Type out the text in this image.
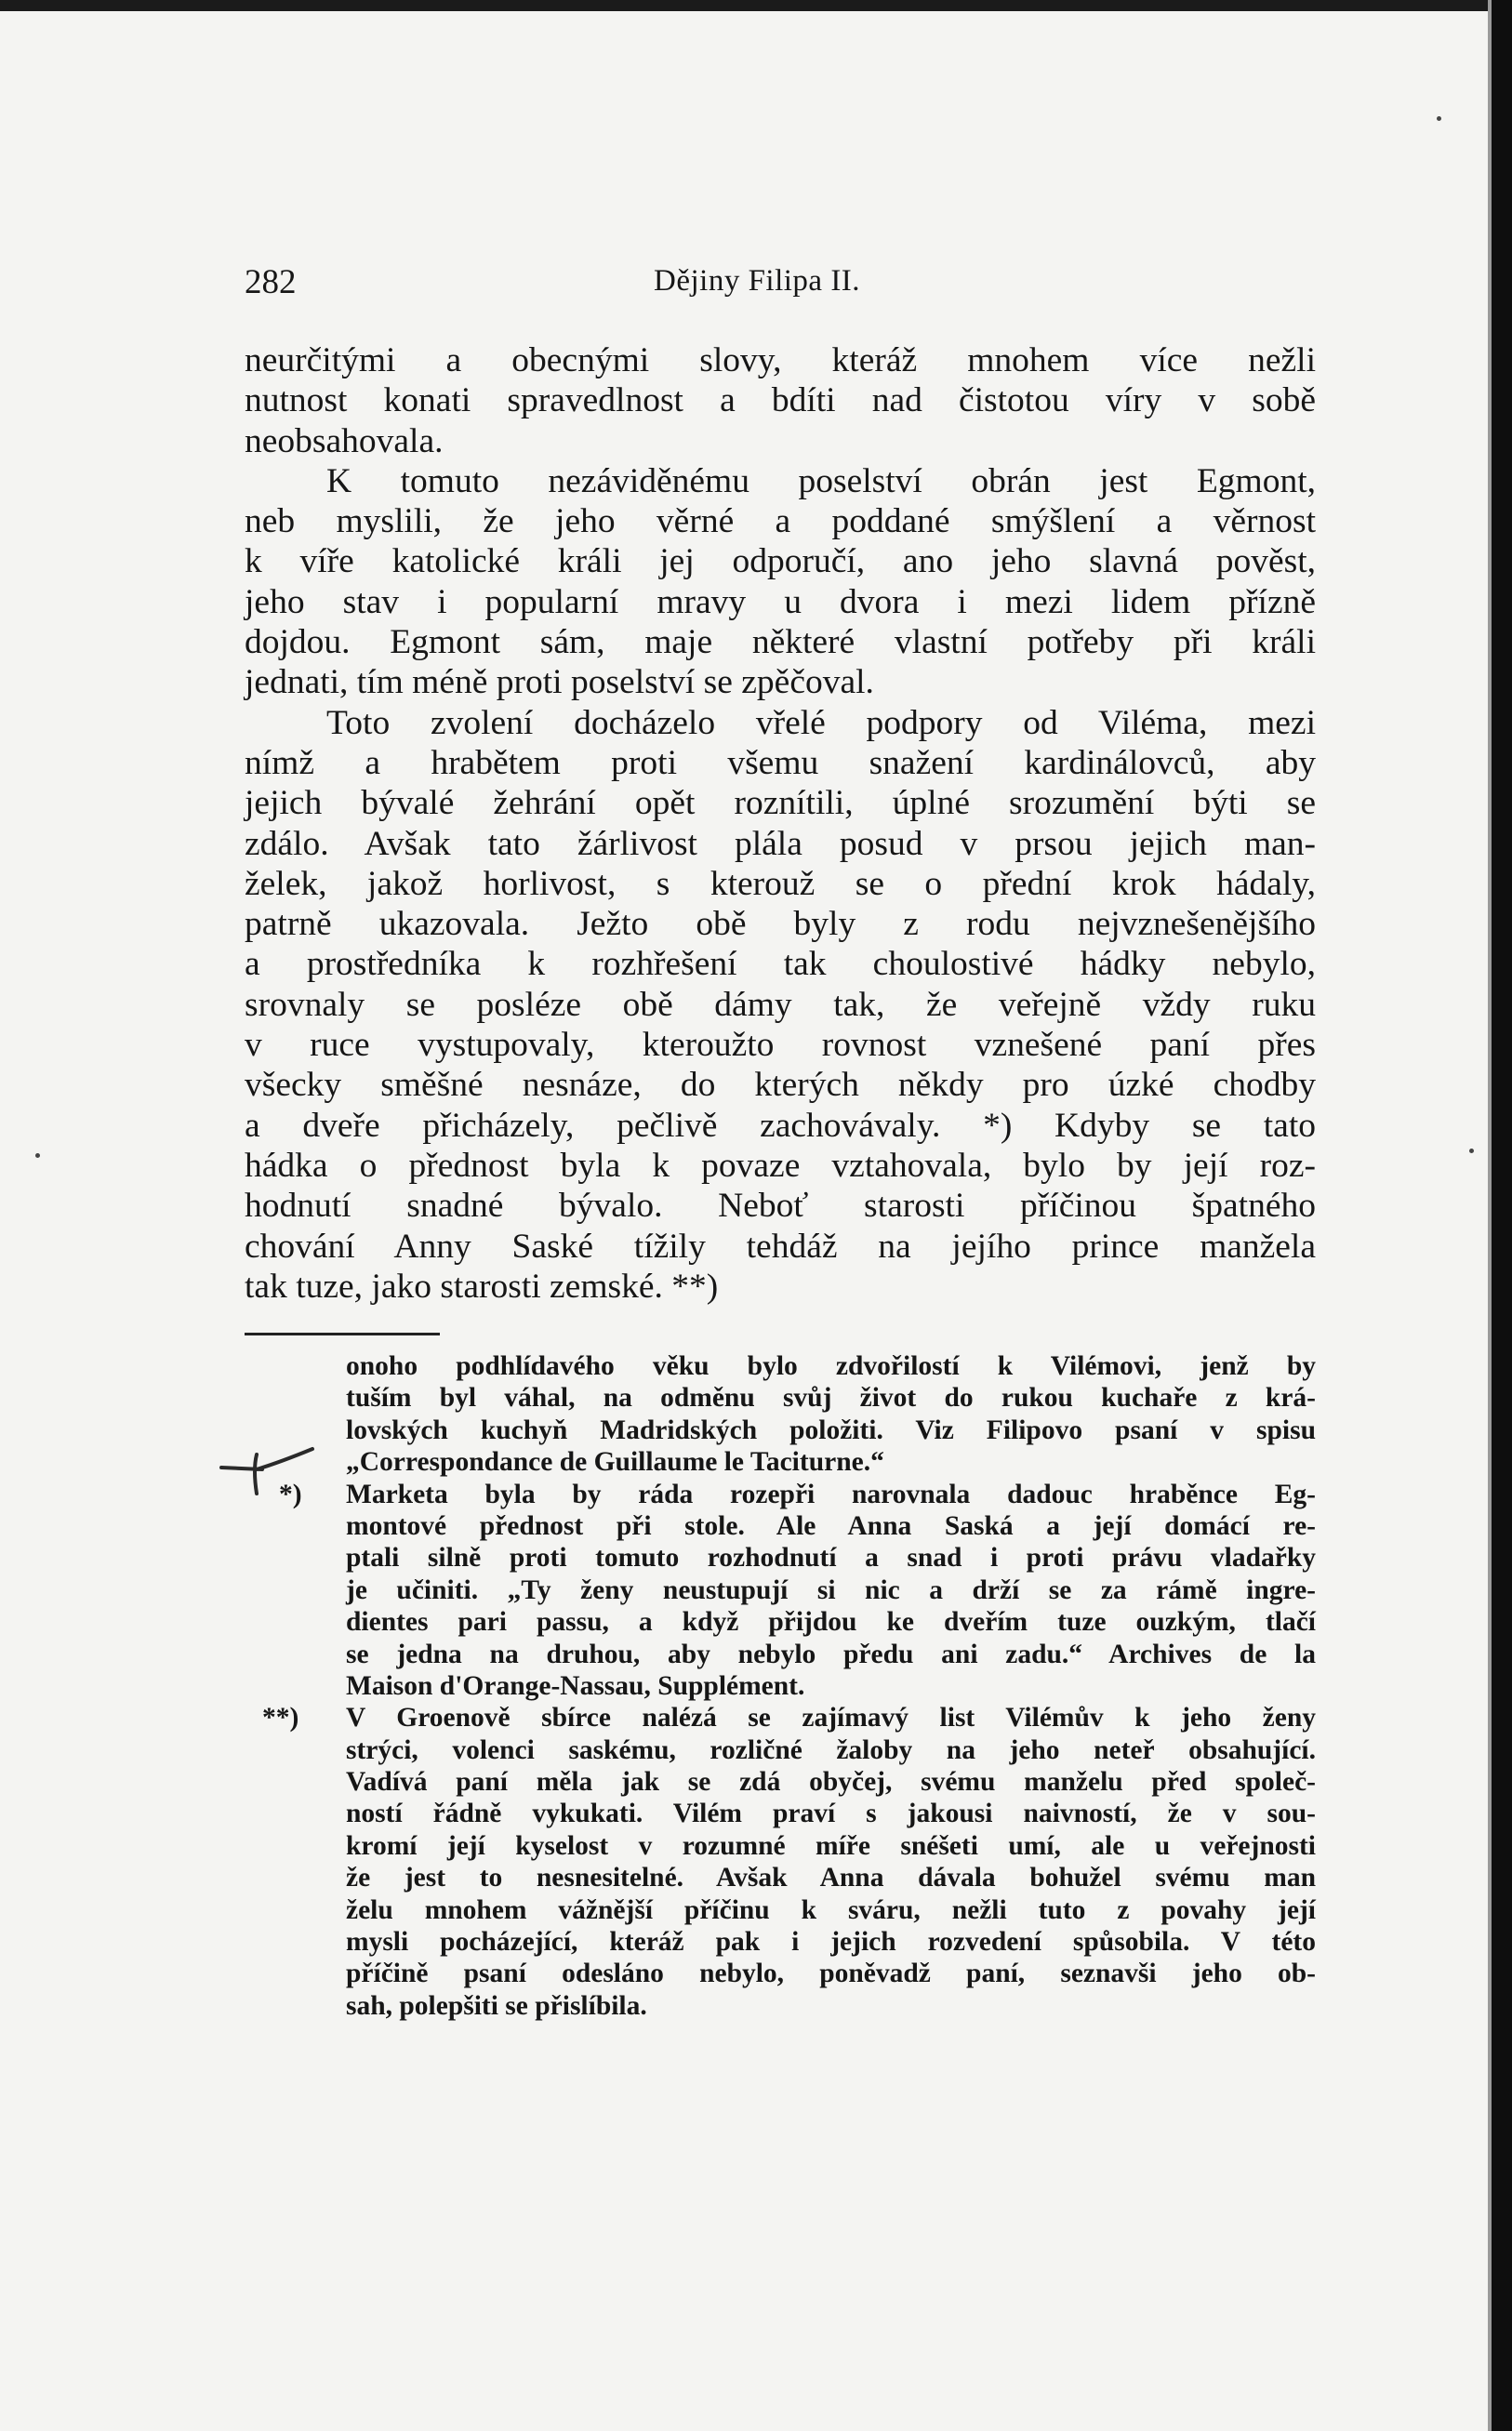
282	Dějiny Filipa II.
neurčitými a obecnými slovy, kteráž mnohem více nežli
nutnost konati spravedlnost a bdíti nad čistotou víry v sobě
neobsahovala.
K tomuto nezáviděnému poselství obrán jest Egmont,
neb myslili, že jeho věrné a poddané smýšlení a věrnost
k víře katolické králi jej odporučí, ano jeho slavná pověst,
jeho stav i popularní mravy u dvora i mezi lidem přízně
dojdou. Egmont sám, maje některé vlastní potřeby při králi
jednati, tím méně proti poselství se zpěčoval.
Toto zvolení docházelo vřelé podpory od Viléma, mezi
nímž a hrabětem proti všemu snažení kardinálovců, aby
jejich bývalé žehrání opět roznítili, úplné srozumění býti se
zdálo. Avšak tato žárlivost plála posud v prsou jejich man-
želek, jakož horlivost, s kterouž se o přední krok hádaly,
patrně ukazovala. Ježto obě byly z rodu nejvznešenějšího
a prostředníka k rozhřešení tak choulostivé hádky nebylo,
srovnaly se posléze obě dámy tak, že veřejně vždy ruku
v ruce vystupovaly, kteroužto rovnost vznešené paní přes
všecky směšné nesnáze, do kterých někdy pro úzké chodby
a dveře přicházely, pečlivě zachovávaly. *) Kdyby se tato
hádka o přednost byla k povaze vztahovala, bylo by její roz-
hodnutí snadné bývalo. Neboť starosti příčinou špatného
chování Anny Saské tížily tehdáž na jejího prince manžela
tak tuze, jako starosti zemské. **)
onoho podhlídavého věku bylo zdvořilostí k Vilémovi, jenž by
tuším byl váhal, na odměnu svůj život do rukou kuchaře z krá-
lovských kuchyň Madridských položiti. Viz Filipovo psaní v spisu
„Correspondance de Guillaume le Taciturne.“
*) Marketa byla by ráda rozepři narovnala dadouc hraběnce Eg-
montové přednost při stole. Ale Anna Saská a její domácí re-
ptali silně proti tomuto rozhodnutí a snad i proti právu vladařky
je učiniti. „Ty ženy neustupují si nic a drží se za rámě ingre-
dientes pari passu, a když přijdou ke dveřím tuze ouzkým, tlačí
se jedna na druhou, aby nebylo předu ani zadu.“ Archives de la
Maison d'Orange-Nassau, Supplément.
**) V Groenově sbírce nalézá se zajímavý list Vilémův k jeho ženy
strýci, volenci saskému, rozličné žaloby na jeho neteř obsahující.
Vadívá paní měla jak se zdá obyčej, svému manželu před společ-
ností řádně vykukati. Vilém praví s jakousi naivností, že v sou-
kromí její kyselost v rozumné míře snéšeti umí, ale u veřejnosti
že jest to nesnesitelné. Avšak Anna dávala bohužel svému man
želu mnohem vážnější příčinu k sváru, nežli tuto z povahy její
mysli pocházející, kteráž pak i jejich rozvedení spůsobila. V této
příčině psaní odesláno nebylo, poněvadž paní, seznavši jeho ob-
sah, polepšiti se přislíbila.
